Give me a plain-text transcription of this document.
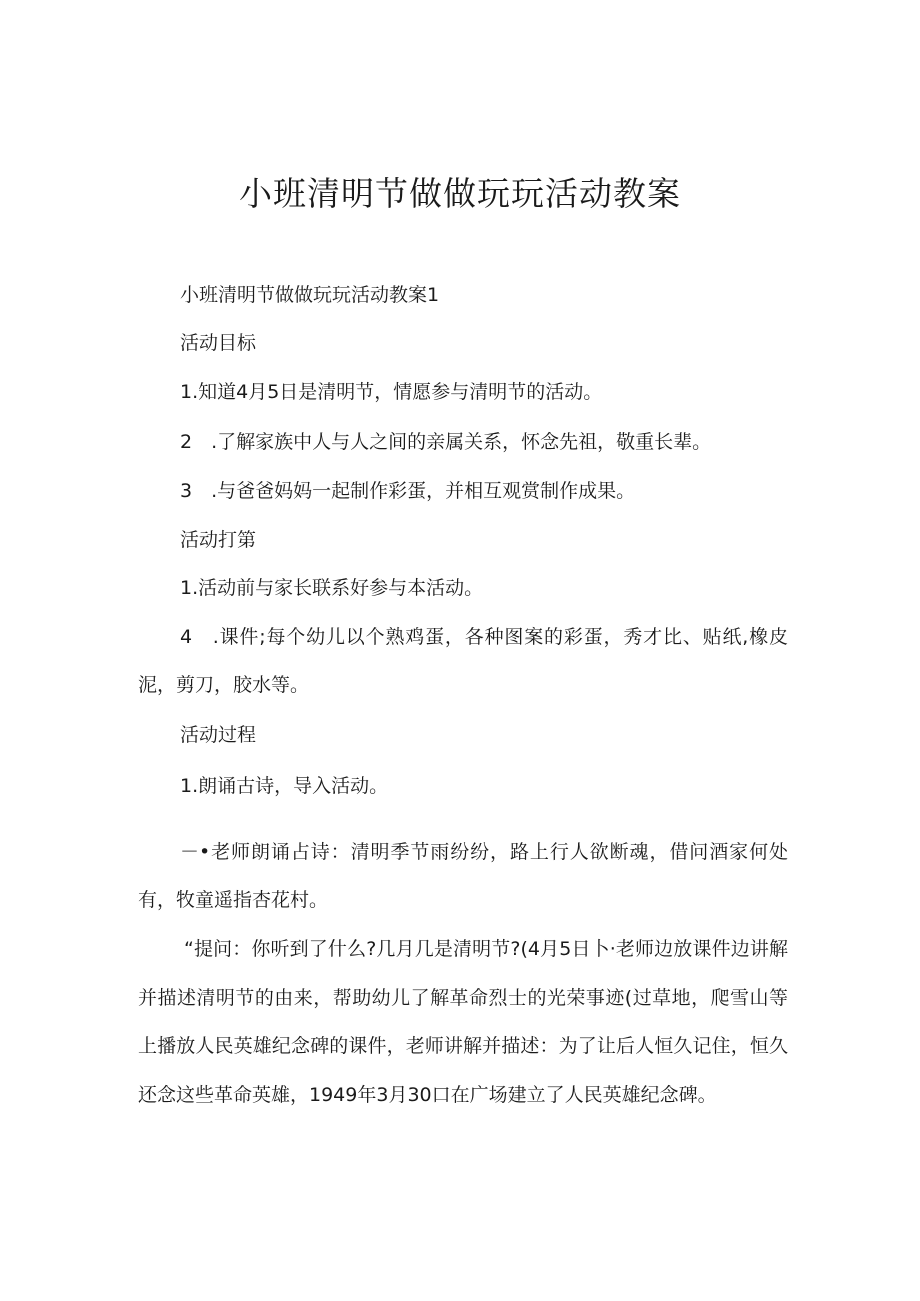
小班清明节做做玩玩活动教案
小班清明节做做玩玩活动教案1
活动目标
1.知道4月5日是清明节，情愿参与清明节的活动。
2　.了解家族中人与人之间的亲属关系，怀念先祖，敬重长辈。
3　.与爸爸妈妈一起制作彩蛋，并相互观赏制作成果。
活动打第
1.活动前与家长联系好参与本活动。
4　.课件;每个幼儿以个熟鸡蛋，各种图案的彩蛋，秀才比、贴纸,橡皮泥，剪刀，胶水等。
活动过程
1.朗诵古诗，导入活动。
－•老师朗诵占诗：清明季节雨纷纷，路上行人欲断魂，借问酒家何处有，牧童遥指杏花村。
“提问：你听到了什么?几月几是清明节?(4月5日卜·老师边放课件边讲解并描述清明节的由来，帮助幼儿了解革命烈士的光荣事迹(过草地，爬雪山等上播放人民英雄纪念碑的课件，老师讲解并描述：为了让后人恒久记住，恒久还念这些革命英雄，1949年3月30口在广场建立了人民英雄纪念碑。
